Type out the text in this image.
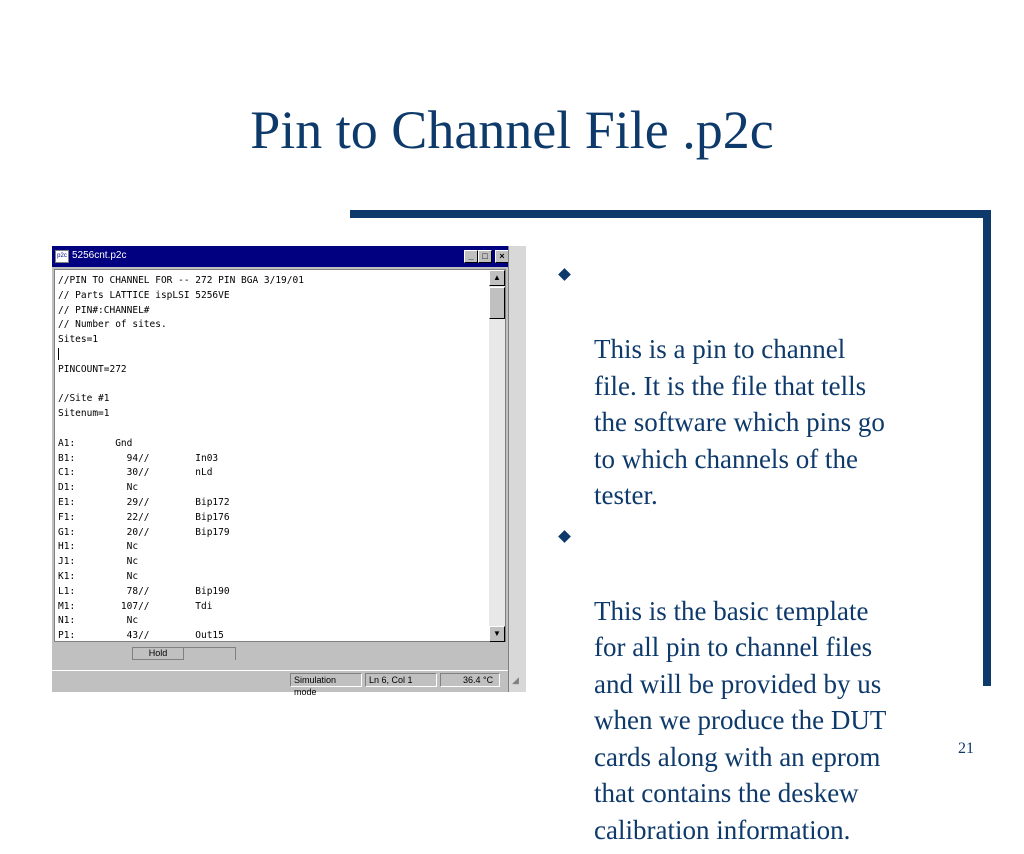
Pin to Channel File .p2c
p2c 5256cnt.p2c	_ □	×
//PIN TO CHANNEL FOR -- 272 PIN BGA 3/19/01
// Parts LATTICE ispLSI 5256VE
// PIN#:CHANNEL#
// Number of sites.
Sites=1

PINCOUNT=272

//Site #1
Sitenum=1

A1:       Gnd
B1:         94//        In03
C1:         30//        nLd
D1:         Nc
E1:         29//        Bip172
F1:         22//        Bip176
G1:         20//        Bip179
H1:         Nc
J1:         Nc
K1:         Nc
L1:         78//        Bip190
M1:        107//        Tdi
N1:         Nc
P1:         43//        Out15
▲
▼
Hold
Simulation mode
Ln 6, Col 1	36.4 °C	◢

This is a pin to channel
file. It is the file that tells
the software which pins go
to which channels of the
tester.

This is the basic template
for all pin to channel files
and will be provided by us
when we produce the DUT
cards along with an eprom
that contains the deskew
calibration information.

21
